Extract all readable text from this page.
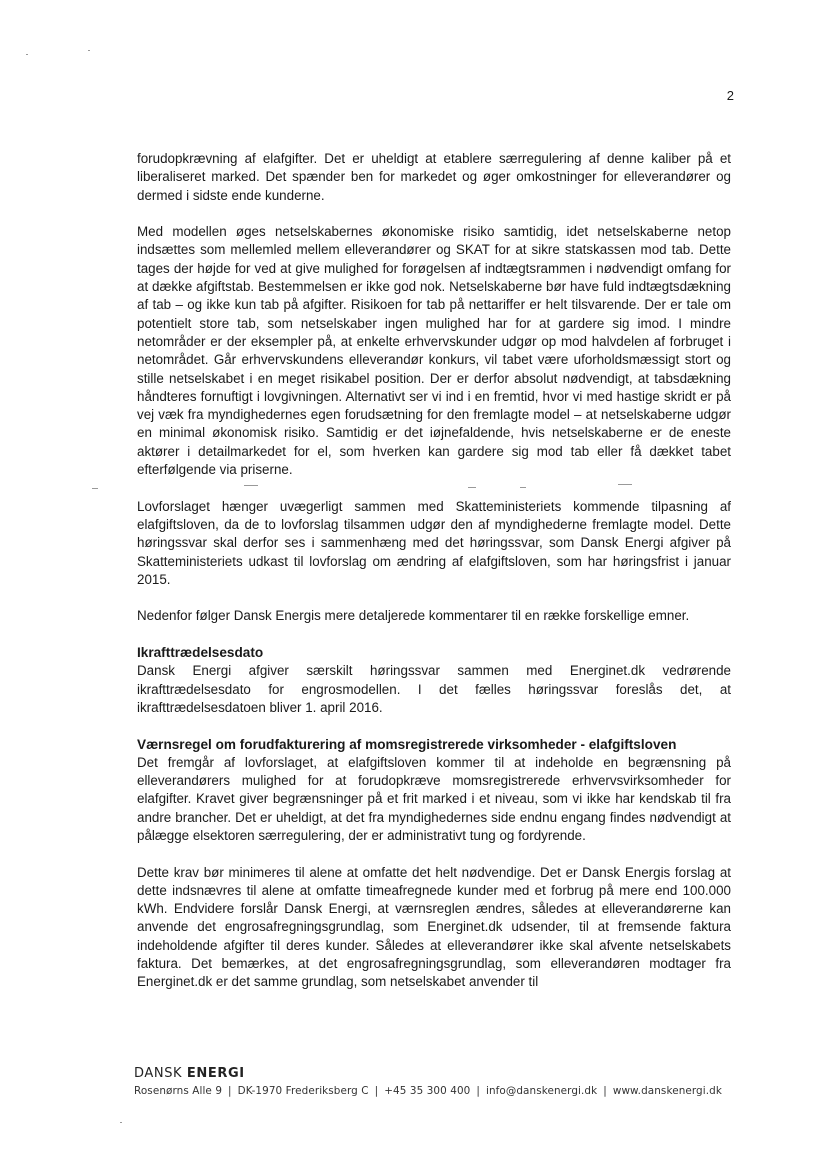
2

forudopkrævning af elafgifter. Det er uheldigt at etablere særregulering af denne kaliber på et liberaliseret marked. Det spænder ben for markedet og øger omkostninger for elleverandører og dermed i sidste ende kunderne.

Med modellen øges netselskabernes økonomiske risiko samtidig, idet netselskaberne netop indsættes som mellemled mellem elleverandører og SKAT for at sikre statskassen mod tab. Dette tages der højde for ved at give mulighed for forøgelsen af indtægtsrammen i nødvendigt omfang for at dække afgiftstab. Bestemmelsen er ikke god nok. Netselskaberne bør have fuld indtægtsdækning af tab – og ikke kun tab på afgifter. Risikoen for tab på nettariffer er helt tilsvarende. Der er tale om potentielt store tab, som netselskaber ingen mulighed har for at gardere sig imod. I mindre netområder er der eksempler på, at enkelte erhvervskunder udgør op mod halvdelen af forbruget i netområdet. Går erhvervskundens elleverandør konkurs, vil tabet være uforholdsmæssigt stort og stille netselskabet i en meget risikabel position. Der er derfor absolut nødvendigt, at tabsdækning håndteres fornuftigt i lovgivningen. Alternativt ser vi ind i en fremtid, hvor vi med hastige skridt er på vej væk fra myndighedernes egen forudsætning for den fremlagte model – at netselskaberne udgør en minimal økonomisk risiko. Samtidig er det iøjnefaldende, hvis netselskaberne er de eneste aktører i detailmarkedet for el, som hverken kan gardere sig mod tab eller få dækket tabet efterfølgende via priserne.

Lovforslaget hænger uvægerligt sammen med Skatteministeriets kommende tilpasning af elafgiftsloven, da de to lovforslag tilsammen udgør den af myndighederne fremlagte model. Dette høringssvar skal derfor ses i sammenhæng med det høringssvar, som Dansk Energi afgiver på Skatteministeriets udkast til lovforslag om ændring af elafgiftsloven, som har høringsfrist i januar 2015.

Nedenfor følger Dansk Energis mere detaljerede kommentarer til en række forskellige emner.

Ikrafttrædelsesdato

Dansk Energi afgiver særskilt høringssvar sammen med Energinet.dk vedrørende ikrafttrædelsesdato for engrosmodellen. I det fælles høringssvar foreslås det, at ikrafttrædelsesdatoen bliver 1. april 2016.

Værnsregel om forudfakturering af momsregistrerede virksomheder - elafgiftsloven

Det fremgår af lovforslaget, at elafgiftsloven kommer til at indeholde en begrænsning på elleverandørers mulighed for at forudopkræve momsregistrerede erhvervsvirksomheder for elafgifter. Kravet giver begrænsninger på et frit marked i et niveau, som vi ikke har kendskab til fra andre brancher. Det er uheldigt, at det fra myndighedernes side endnu engang findes nødvendigt at pålægge elsektoren særregulering, der er administrativt tung og fordyrende.

Dette krav bør minimeres til alene at omfatte det helt nødvendige. Det er Dansk Energis forslag at dette indsnævres til alene at omfatte timeafregnede kunder med et forbrug på mere end 100.000 kWh. Endvidere forslår Dansk Energi, at værnsreglen ændres, således at elleverandørerne kan anvende det engrosafregningsgrundlag, som Energinet.dk udsender, til at fremsende faktura indeholdende afgifter til deres kunder. Således at elleverandører ikke skal afvente netselskabets faktura. Det bemærkes, at det engrosafregningsgrundlag, som elleverandøren modtager fra Energinet.dk er det samme grundlag, som netselskabet anvender til

DANSK ENERGI
Rosenørns Alle 9 | DK-1970 Frederiksberg C | +45 35 300 400 | info@danskenergi.dk | www.danskenergi.dk
